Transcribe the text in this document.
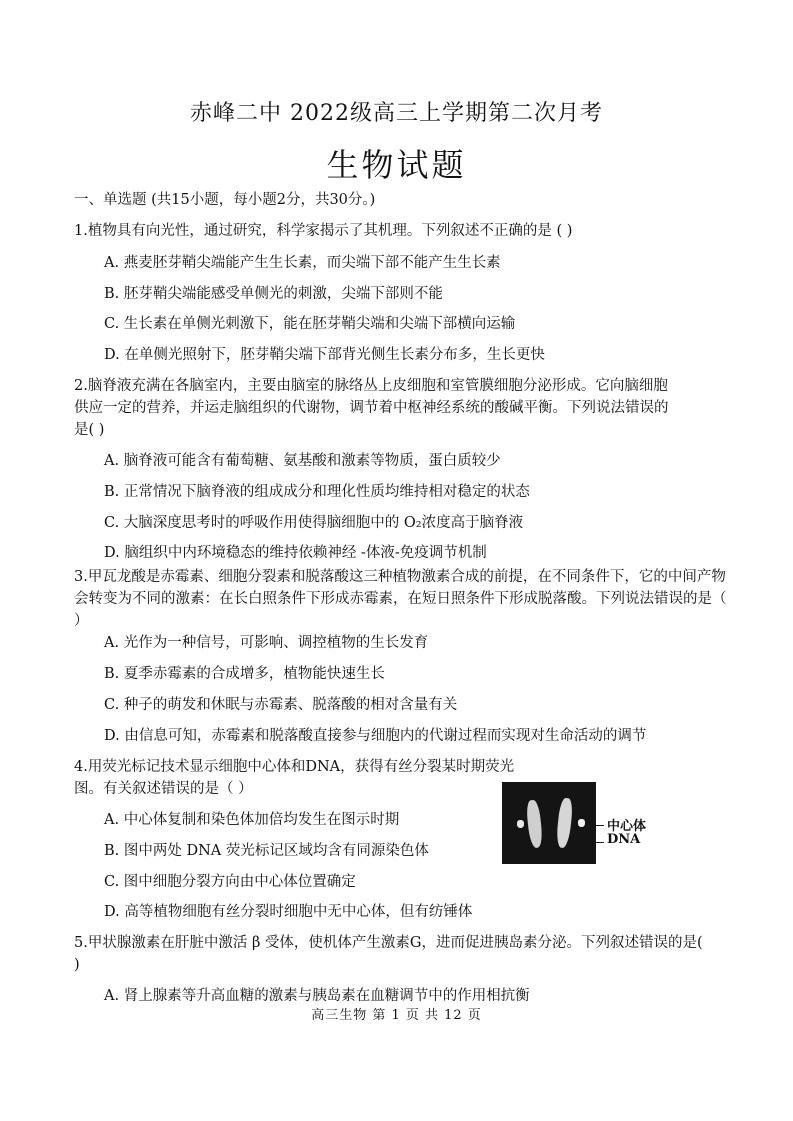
赤峰二中 2022级高三上学期第二次月考
生物试题
一、单选题 (共15小题，每小题2分，共30分。)
1.植物具有向光性，通过研究，科学家揭示了其机理。下列叙述不正确的是 ( )
A. 燕麦胚芽鞘尖端能产生生长素，而尖端下部不能产生生长素
B. 胚芽鞘尖端能感受单侧光的刺激，尖端下部则不能
C. 生长素在单侧光刺激下，能在胚芽鞘尖端和尖端下部横向运输
D. 在单侧光照射下，胚芽鞘尖端下部背光侧生长素分布多，生长更快
2.脑脊液充满在各脑室内，主要由脑室的脉络丛上皮细胞和室管膜细胞分泌形成。它向脑细胞
供应一定的营养，并运走脑组织的代谢物，调节着中枢神经系统的酸碱平衡。下列说法错误的
是( )
A. 脑脊液可能含有葡萄糖、氨基酸和激素等物质，蛋白质较少
B. 正常情况下脑脊液的组成成分和理化性质均维持相对稳定的状态
C. 大脑深度思考时的呼吸作用使得脑细胞中的 O₂浓度高于脑脊液
D. 脑组织中内环境稳态的维持依赖神经 -体液-免疫调节机制
3.甲瓦龙酸是赤霉素、细胞分裂素和脱落酸这三种植物激素合成的前提，在不同条件下，它的中间产物
会转变为不同的激素：在长白照条件下形成赤霉素，在短日照条件下形成脱落酸。下列说法错误的是（
）
A. 光作为一种信号，可影响、调控植物的生长发育
B. 夏季赤霉素的合成增多，植物能快速生长
C. 种子的萌发和休眠与赤霉素、脱落酸的相对含量有关
D. 由信息可知，赤霉素和脱落酸直接参与细胞内的代谢过程而实现对生命活动的调节
4.用荧光标记技术显示细胞中心体和DNA，获得有丝分裂某时期荧光
图。有关叙述错误的是（ ）
A. 中心体复制和染色体加倍均发生在图示时期
B. 图中两处 DNA 荧光标记区域均含有同源染色体
C. 图中细胞分裂方向由中心体位置确定
D. 高等植物细胞有丝分裂时细胞中无中心体，但有纺锤体
中心体
DNA
5.甲状腺激素在肝脏中激活 β 受体，使机体产生激素G，进而促进胰岛素分泌。下列叙述错误的是(
)
A. 肾上腺素等升高血糖的激素与胰岛素在血糖调节中的作用相抗衡
高三生物 第 1 页 共 12 页
